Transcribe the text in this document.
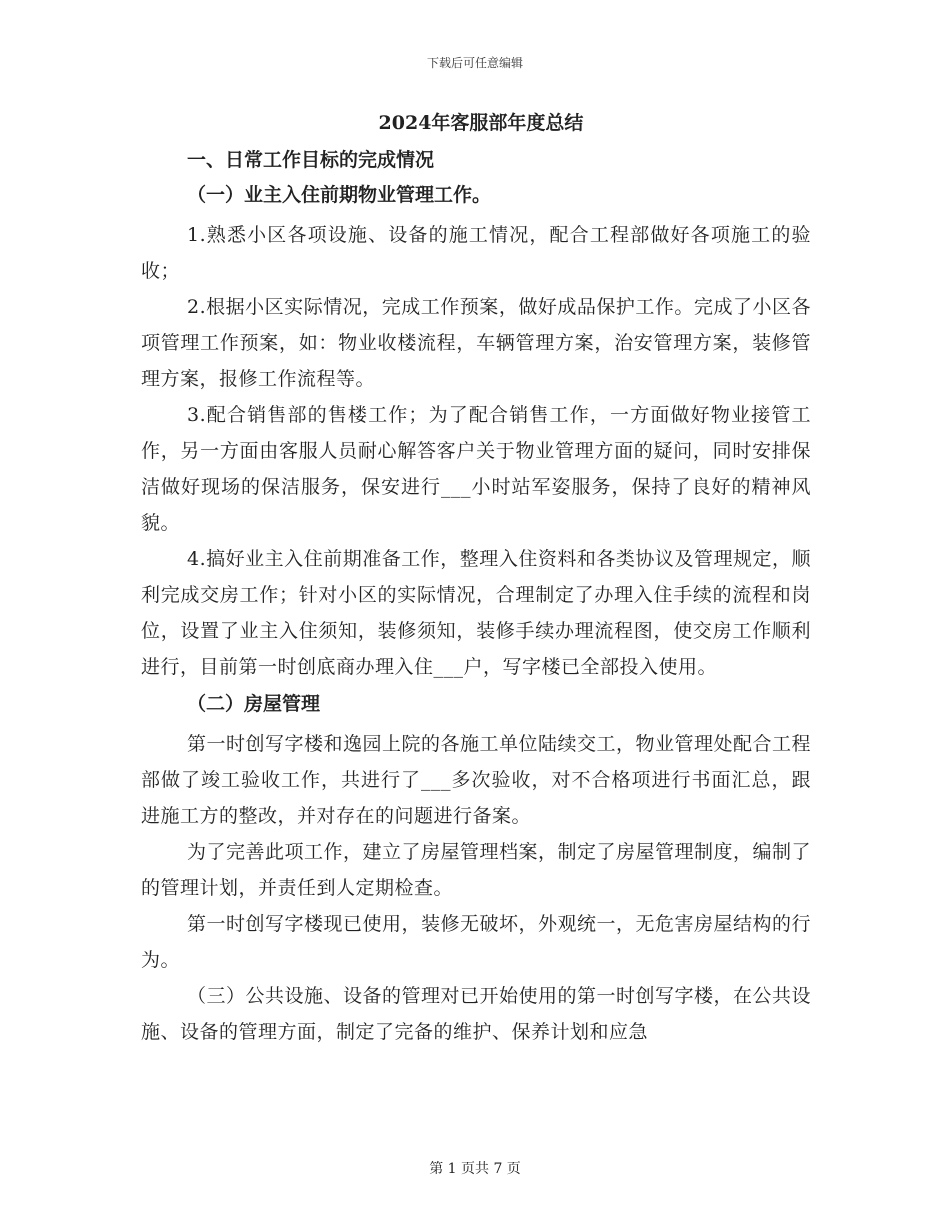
下载后可任意编辑
2024年客服部年度总结
一、日常工作目标的完成情况
（一）业主入住前期物业管理工作。

1.熟悉小区各项设施、设备的施工情况，配合工程部做好各项施工的验收；

2.根据小区实际情况，完成工作预案，做好成品保护工作。完成了小区各项管理工作预案，如：物业收楼流程，车辆管理方案，治安管理方案，装修管理方案，报修工作流程等。

3.配合销售部的售楼工作；为了配合销售工作，一方面做好物业接管工作，另一方面由客服人员耐心解答客户关于物业管理方面的疑问，同时安排保洁做好现场的保洁服务，保安进行___小时站军姿服务，保持了良好的精神风貌。

4.搞好业主入住前期准备工作，整理入住资料和各类协议及管理规定，顺利完成交房工作；针对小区的实际情况，合理制定了办理入住手续的流程和岗位，设置了业主入住须知，装修须知，装修手续办理流程图，使交房工作顺利进行，目前第一时创底商办理入住___户，写字楼已全部投入使用。

（二）房屋管理

第一时创写字楼和逸园上院的各施工单位陆续交工，物业管理处配合工程部做了竣工验收工作，共进行了___多次验收，对不合格项进行书面汇总，跟进施工方的整改，并对存在的问题进行备案。

为了完善此项工作，建立了房屋管理档案，制定了房屋管理制度，编制了的管理计划，并责任到人定期检查。

第一时创写字楼现已使用，装修无破坏，外观统一，无危害房屋结构的行为。

（三）公共设施、设备的管理对已开始使用的第一时创写字楼，在公共设施、设备的管理方面，制定了完备的维护、保养计划和应急

第 1 页共 7 页
